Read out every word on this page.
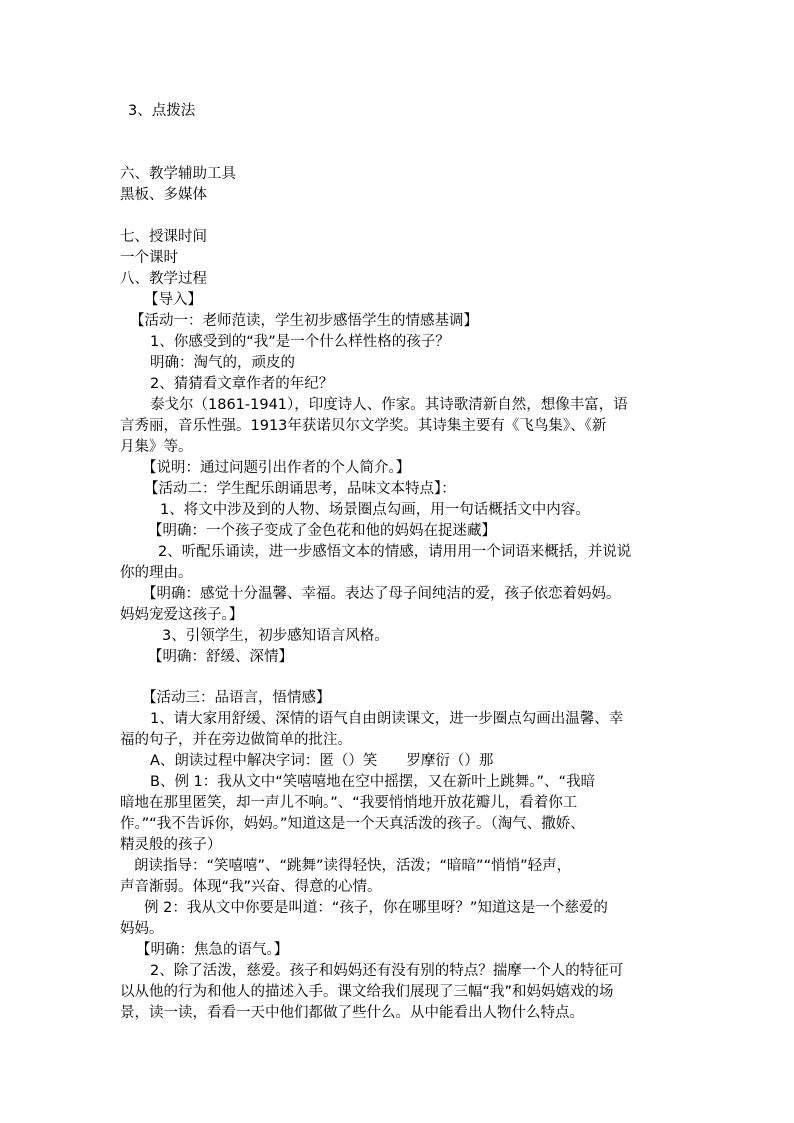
3、点拨法
六、教学辅助工具
黑板、多媒体
七、授课时间
一个课时
八、教学过程
【导入】
【活动一：老师范读，学生初步感悟学生的情感基调】
1、你感受到的“我”是一个什么样性格的孩子？
明确：淘气的，顽皮的
2、猜猜看文章作者的年纪？
泰戈尔（1861-1941），印度诗人、作家。其诗歌清新自然，想像丰富，语
言秀丽，音乐性强。1913年获诺贝尔文学奖。其诗集主要有《飞鸟集》、《新
月集》等。
【说明：通过问题引出作者的个人简介。】
【活动二：学生配乐朗诵思考，品味文本特点】：
1、将文中涉及到的人物、场景圈点勾画，用一句话概括文中内容。
【明确：一个孩子变成了金色花和他的妈妈在捉迷藏】
2、听配乐诵读，进一步感悟文本的情感，请用用一个词语来概括，并说说
你的理由。
【明确：感觉十分温馨、幸福。表达了母子间纯洁的爱，孩子依恋着妈妈。
妈妈宠爱这孩子。】
3、引领学生，初步感知语言风格。
【明确：舒缓、深情】
【活动三：品语言，悟情感】
1、请大家用舒缓、深情的语气自由朗读课文，进一步圈点勾画出温馨、幸
福的句子，并在旁边做简单的批注。
A、朗读过程中解决字词：匿（）笑　　罗摩衍（）那
B、例 1：我从文中“笑嘻嘻地在空中摇摆，又在新叶上跳舞。”、“我暗
暗地在那里匿笑，却一声儿不响。”、“我要悄悄地开放花瓣儿，看着你工
作。”“我不告诉你，妈妈。”知道这是一个天真活泼的孩子。（淘气、撒娇、
精灵般的孩子）
朗读指导：“笑嘻嘻”、“跳舞”读得轻快，活泼；“暗暗”“悄悄”轻声，
声音渐弱。体现“我”兴奋、得意的心情。
例 2：我从文中你要是叫道：“孩子，你在哪里呀？”知道这是一个慈爱的
妈妈。
【明确：焦急的语气。】
2、除了活泼，慈爱。孩子和妈妈还有没有别的特点？揣摩一个人的特征可
以从他的行为和他人的描述入手。课文给我们展现了三幅“我”和妈妈嬉戏的场
景，读一读，看看一天中他们都做了些什么。从中能看出人物什么特点。
